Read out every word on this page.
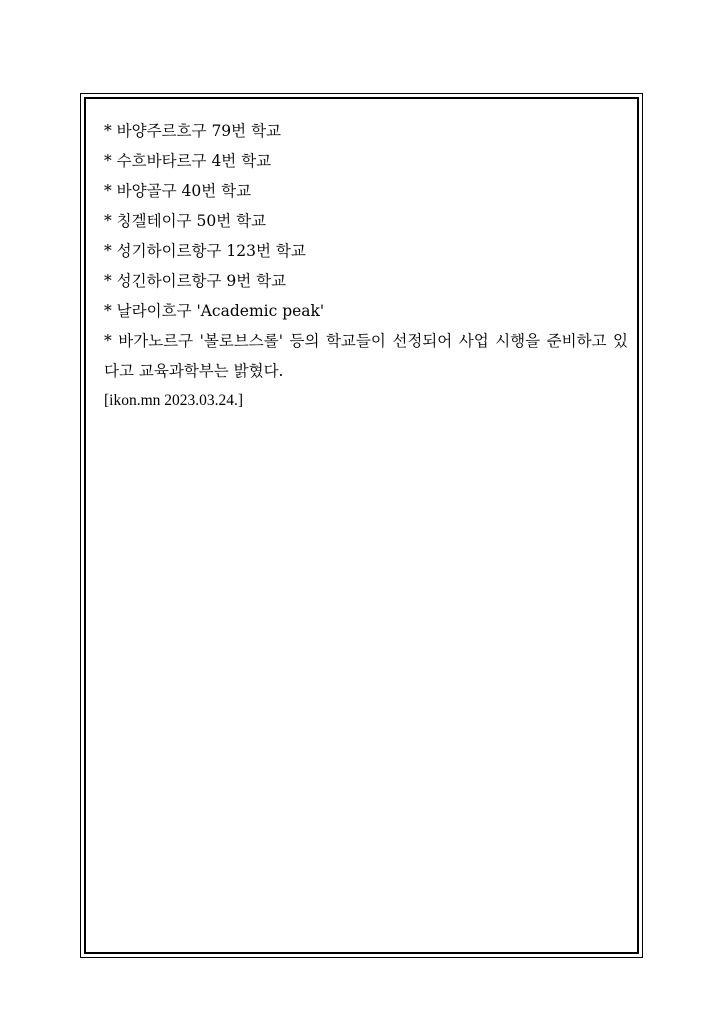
* 바양주르흐구 79번 학교
* 수흐바타르구 4번 학교
* 바양골구 40번 학교
* 칭겔테이구 50번 학교
* 성기하이르항구 123번 학교
* 성긴하이르항구 9번 학교
* 날라이흐구 'Academic peak'
* 바가노르구 '볼로브스롤' 등의 학교들이 선정되어 사업 시행을 준비하고 있다고 교육과학부는 밝혔다.
[ikon.mn 2023.03.24.]
